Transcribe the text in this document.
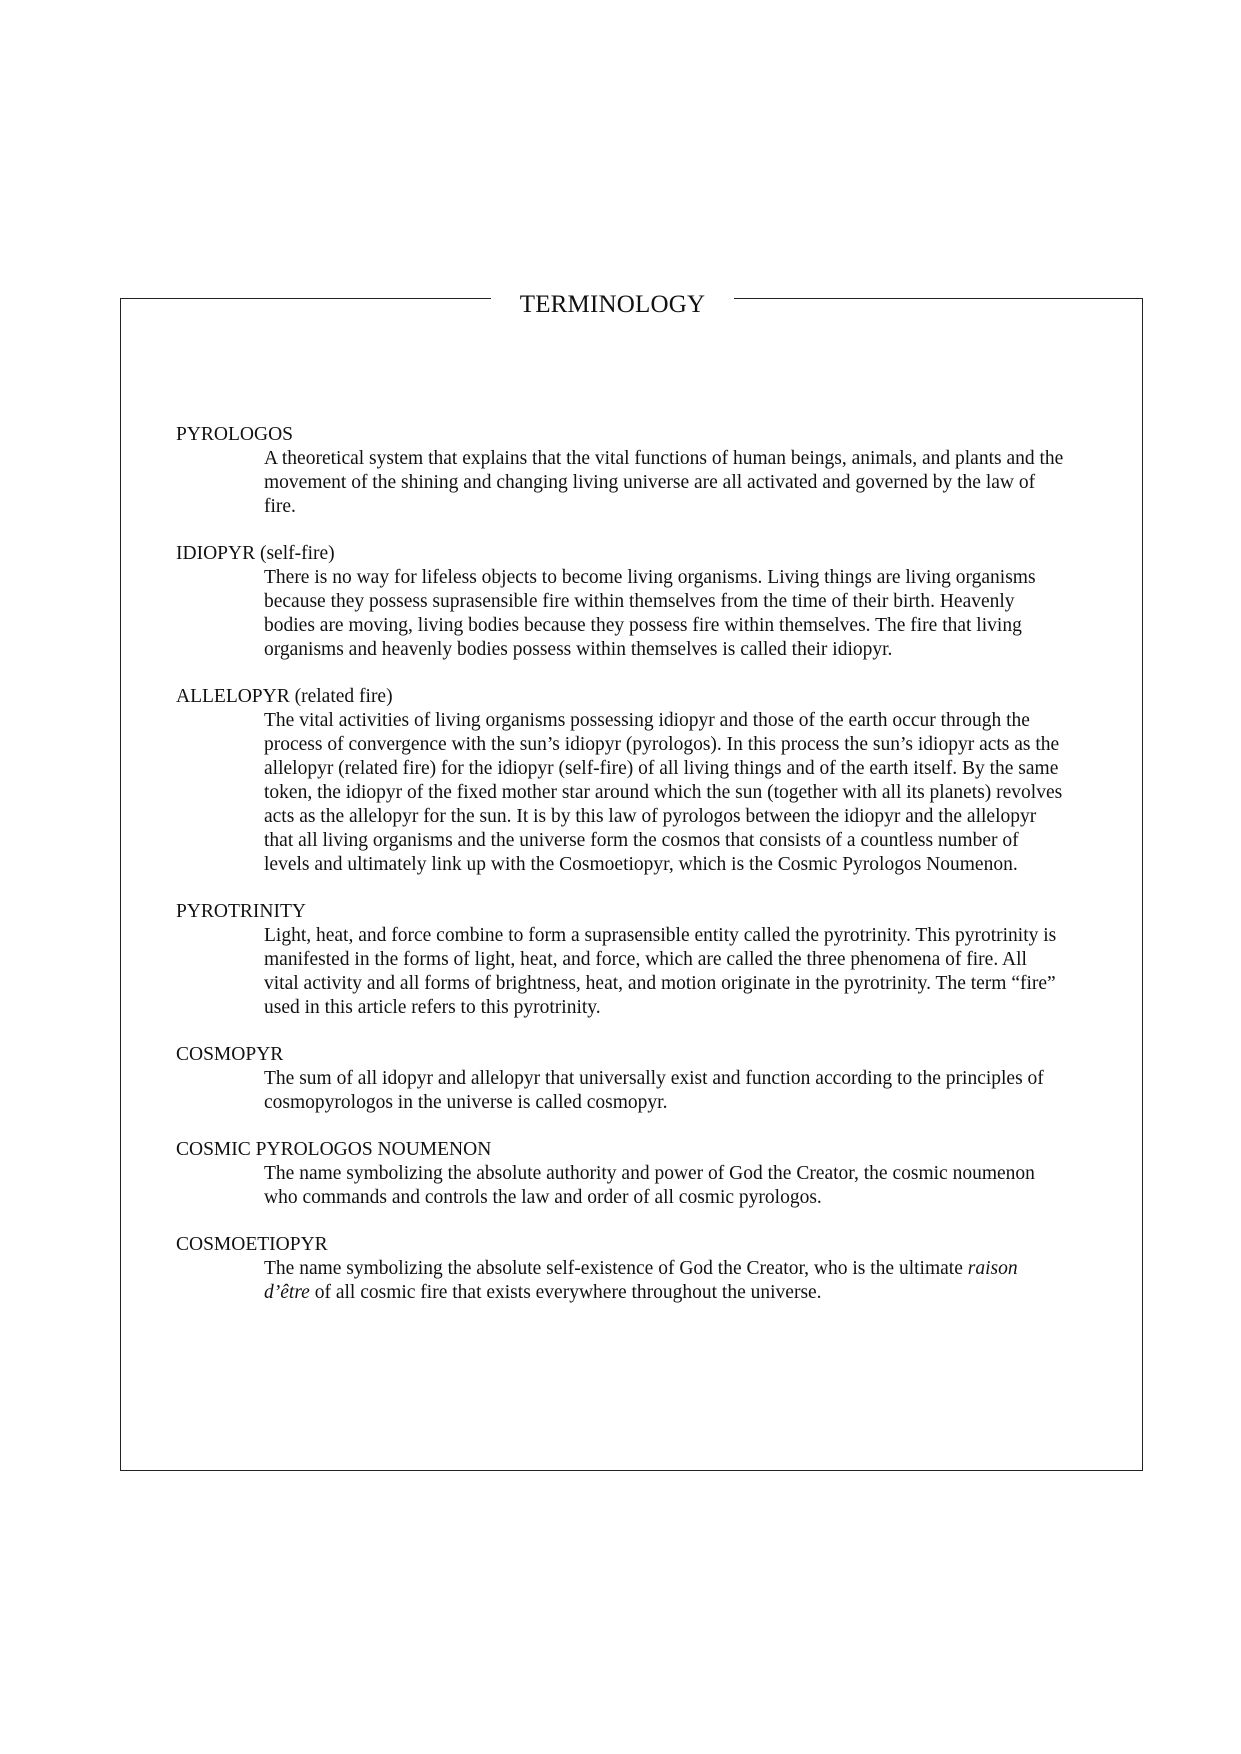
TERMINOLOGY
PYROLOGOS
A theoretical system that explains that the vital functions of human beings, animals, and plants and the movement of the shining and changing living universe are all activated and governed by the law of fire.
IDIOPYR (self-fire)
There is no way for lifeless objects to become living organisms. Living things are living organisms because they possess suprasensible fire within themselves from the time of their birth. Heavenly bodies are moving, living bodies because they possess fire within themselves. The fire that living organisms and heavenly bodies possess within themselves is called their idiopyr.
ALLELOPYR (related fire)
The vital activities of living organisms possessing idiopyr and those of the earth occur through the process of convergence with the sun’s idiopyr (pyrologos). In this process the sun’s idiopyr acts as the allelopyr (related fire) for the idiopyr (self-fire) of all living things and of the earth itself. By the same token, the idiopyr of the fixed mother star around which the sun (together with all its planets) revolves acts as the allelopyr for the sun. It is by this law of pyrologos between the idiopyr and the allelopyr that all living organisms and the universe form the cosmos that consists of a countless number of levels and ultimately link up with the Cosmoetiopyr, which is the Cosmic Pyrologos Noumenon.
PYROTRINITY
Light, heat, and force combine to form a suprasensible entity called the pyrotrinity. This pyrotrinity is manifested in the forms of light, heat, and force, which are called the three phenomena of fire. All vital activity and all forms of brightness, heat, and motion originate in the pyrotrinity. The term “fire” used in this article refers to this pyrotrinity.
COSMOPYR
The sum of all idopyr and allelopyr that universally exist and function according to the principles of cosmopyrologos in the universe is called cosmopyr.
COSMIC PYROLOGOS NOUMENON
The name symbolizing the absolute authority and power of God the Creator, the cosmic noumenon who commands and controls the law and order of all cosmic pyrologos.
COSMOETIOPYR
The name symbolizing the absolute self-existence of God the Creator, who is the ultimate raison d’être of all cosmic fire that exists everywhere throughout the universe.
